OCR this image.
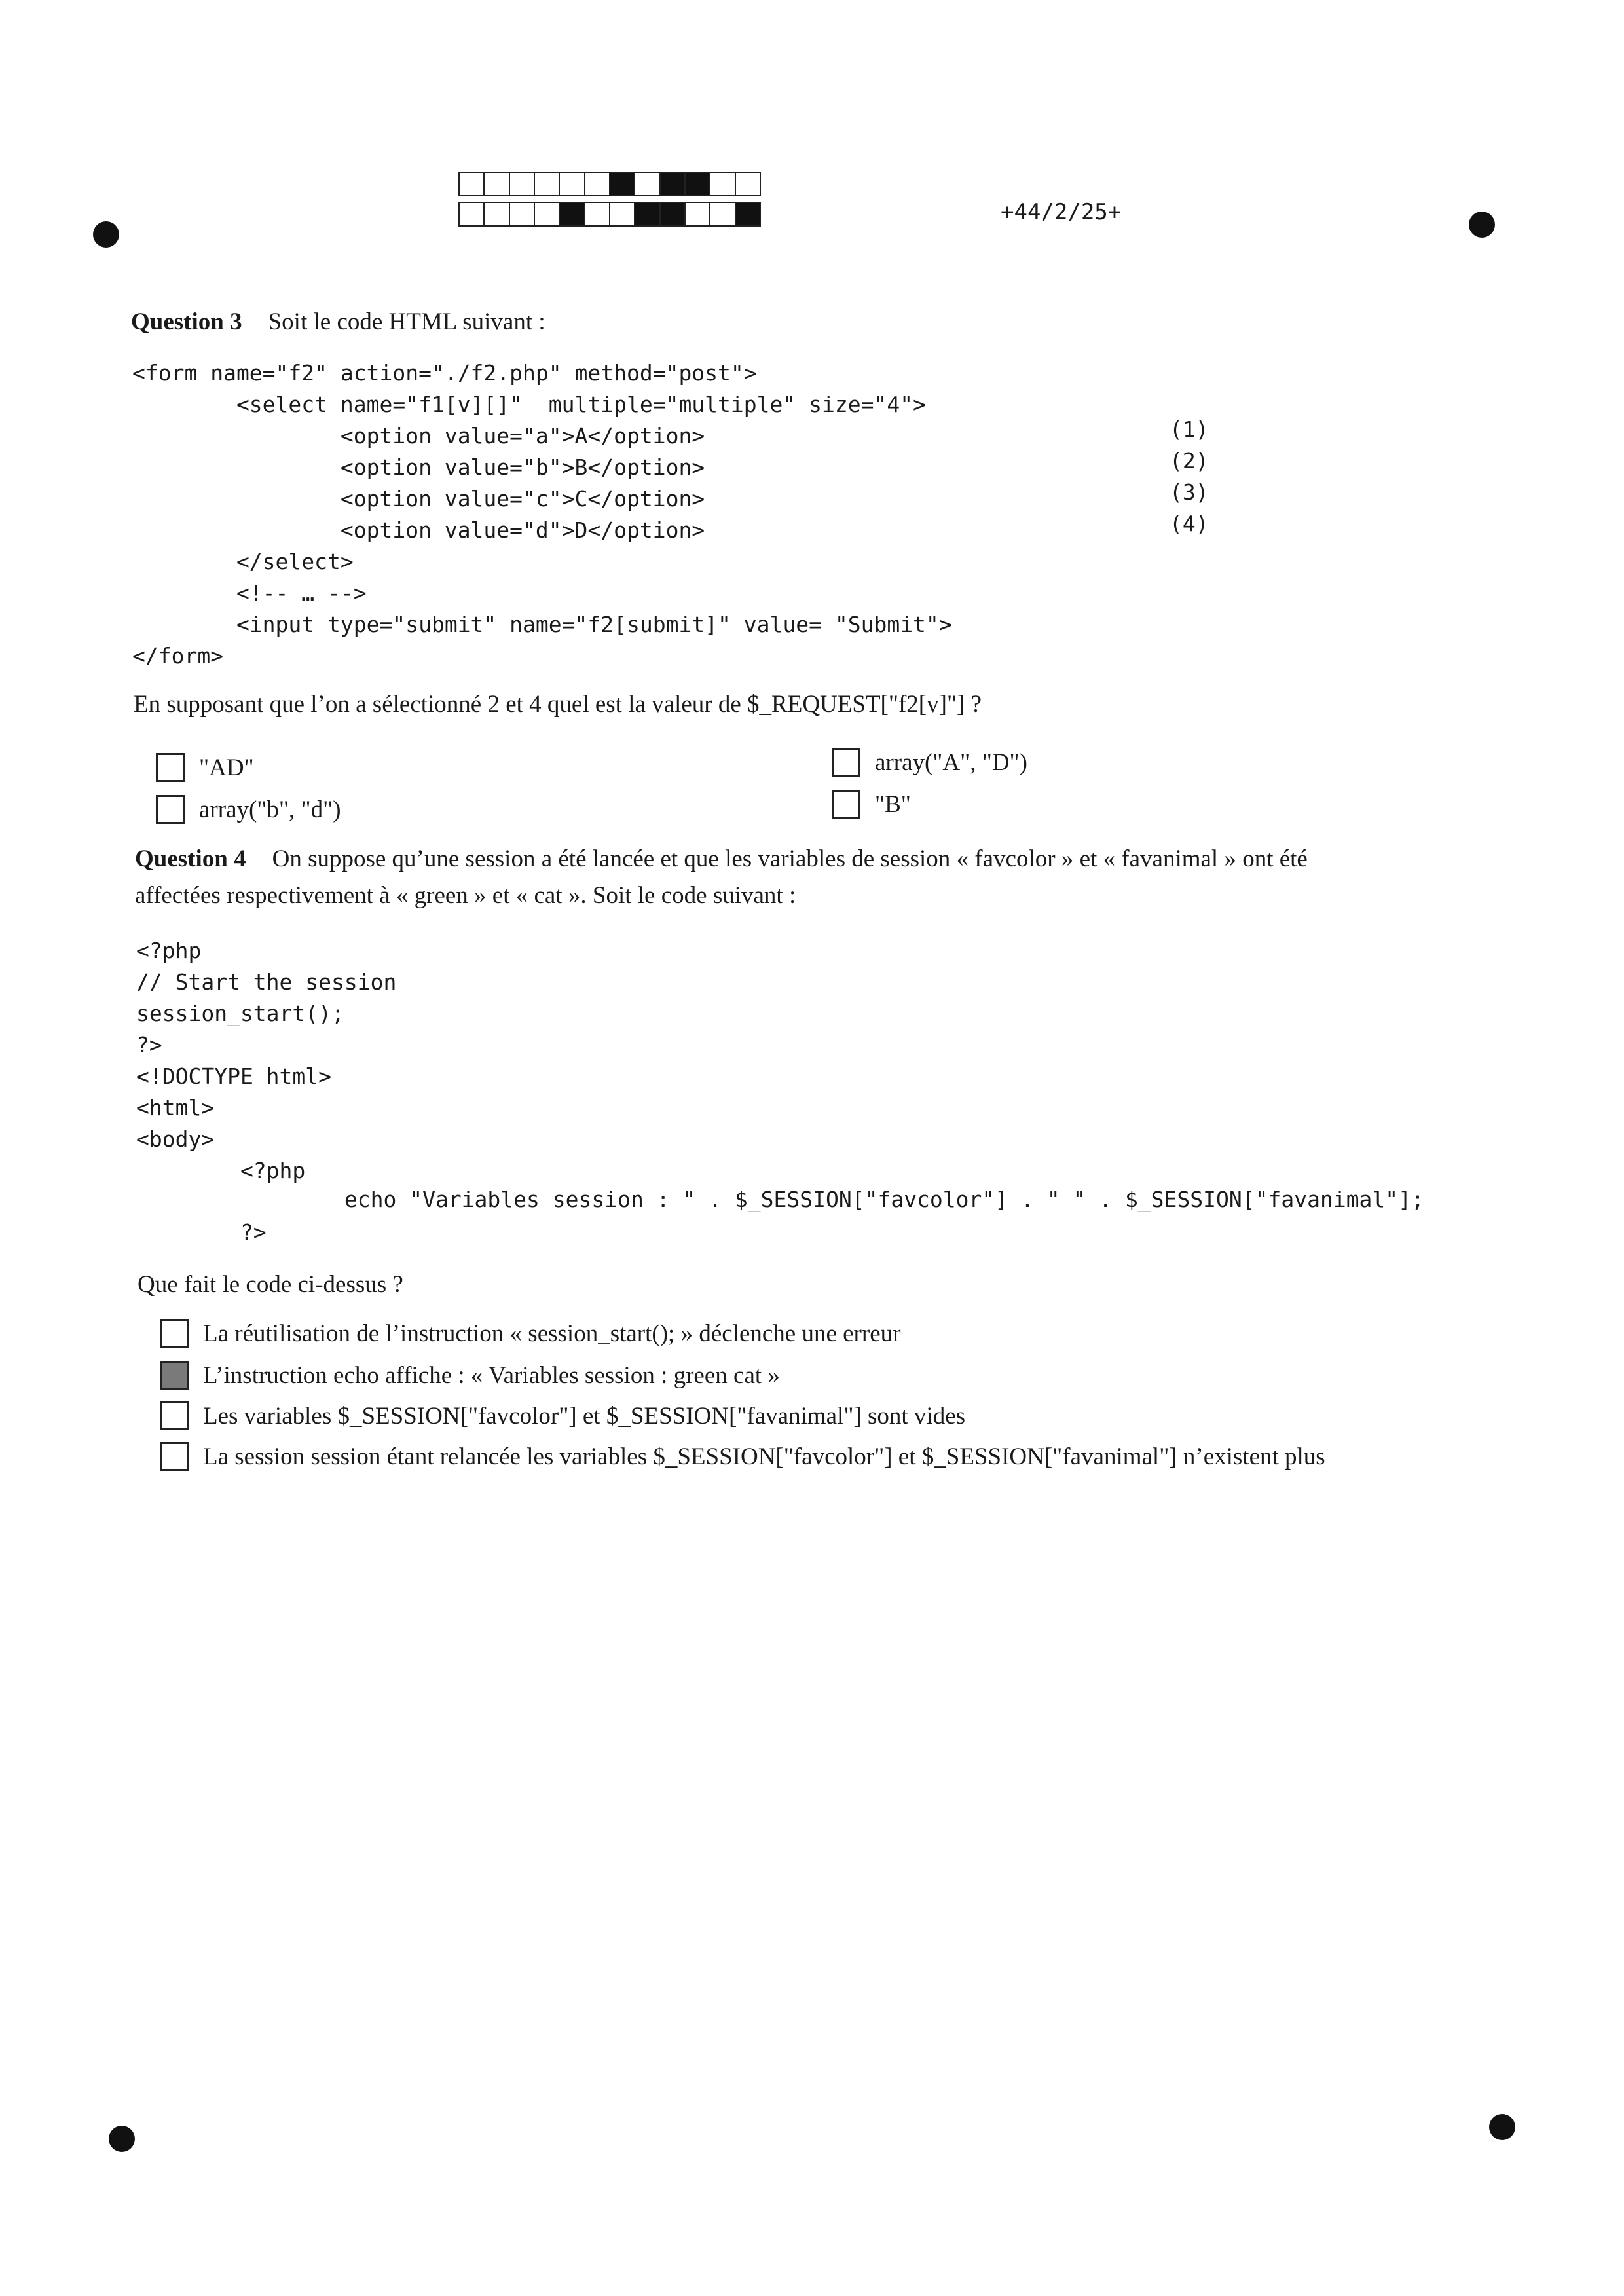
+44/2/25+
Question 3 Soit le code HTML suivant :
<form name="f2" action="./f2.php" method="post">
<select name="f1[v][]"  multiple="multiple" size="4">
<option value="a">A</option>
<option value="b">B</option>
<option value="c">C</option>
<option value="d">D</option>
</select>
<!-- … -->
<input type="submit" name="f2[submit]" value= "Submit">
</form>
(1)
(2)
(3)
(4)
En supposant que l’on a sélectionné 2 et 4 quel est la valeur de $_REQUEST["f2[v]"] ?
"AD"
array("b", "d")
array("A", "D")
"B"
Question 4 On suppose qu’une session a été lancée et que les variables de session « favcolor » et « favanimal » ont été
affectées respectivement à « green » et « cat ». Soit le code suivant :
<?php
// Start the session
session_start();
?>
<!DOCTYPE html>
<html>
<body>
<?php
echo "Variables session : " . $_SESSION["favcolor"] . " " . $_SESSION["favanimal"];
?>
Que fait le code ci-dessus ?
La réutilisation de l’instruction « session_start(); » déclenche une erreur
L’instruction echo affiche : « Variables session : green cat »
Les variables $_SESSION["favcolor"] et $_SESSION["favanimal"] sont vides
La session session étant relancée les variables $_SESSION["favcolor"] et $_SESSION["favanimal"] n’existent plus
